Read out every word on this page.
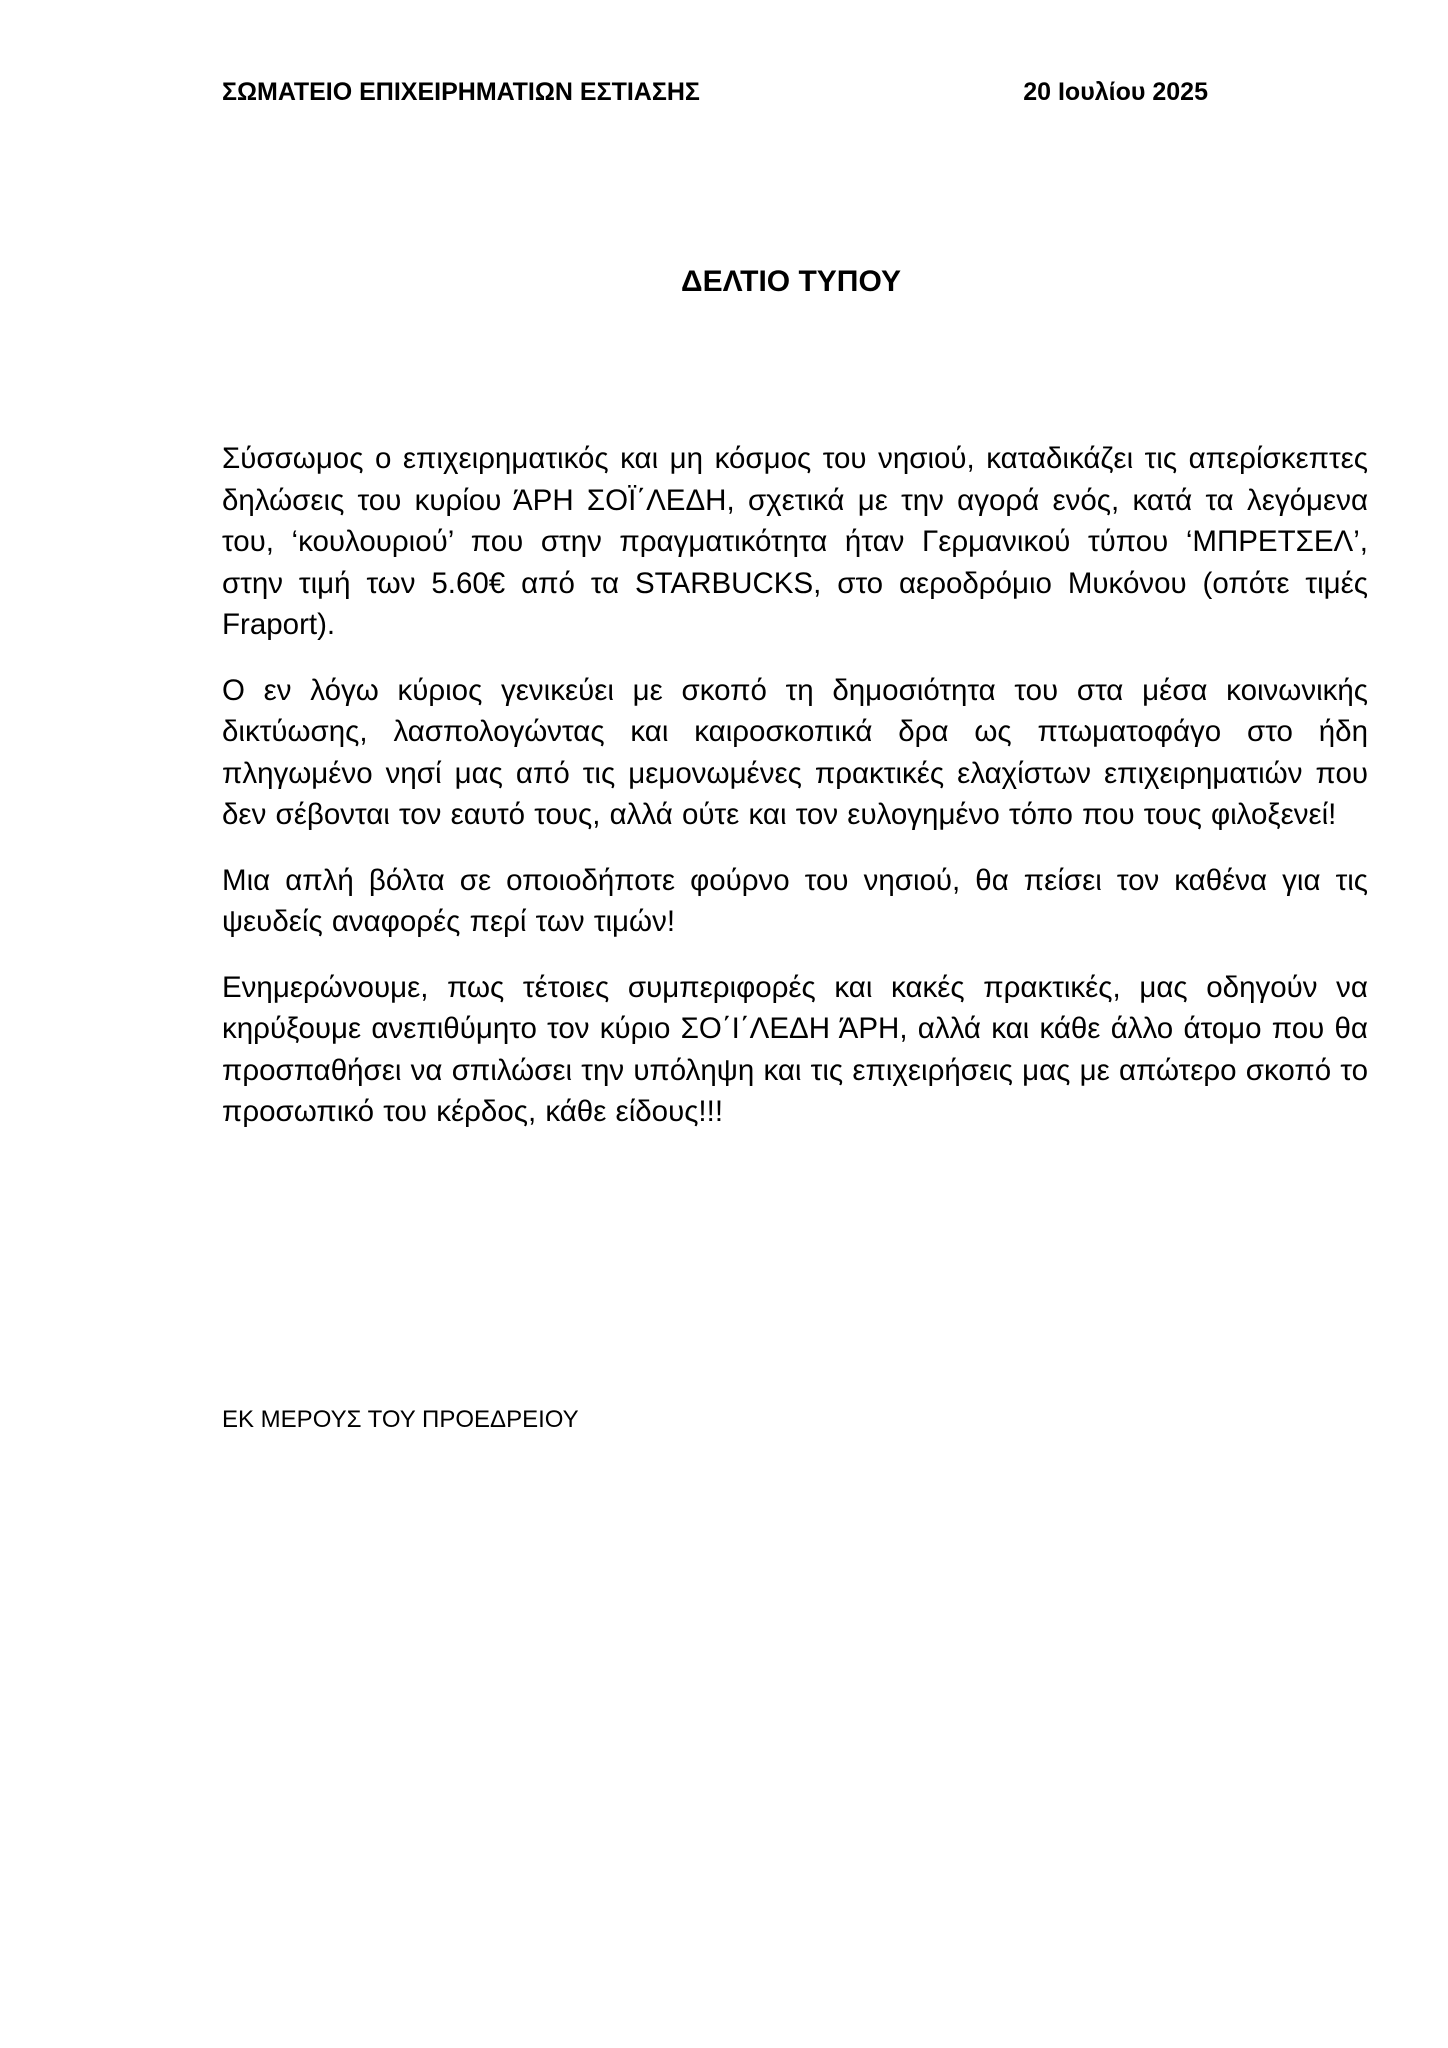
ΣΩΜΑΤΕΙΟ ΕΠΙΧΕΙΡΗΜΑΤΙΩΝ ΕΣΤΙΑΣΗΣ	20 Ιουλίου 2025
ΔΕΛΤΙΟ ΤΥΠΟΥ

Σύσσωμος ο επιχειρηματικός και μη κόσμος του νησιού, καταδικάζει τις απερίσκεπτες δηλώσεις του κυρίου ΆΡΗ ΣΟΪ΄ΛΕΔΗ, σχετικά με την αγορά ενός, κατά τα λεγόμενα του, ‘κουλουριού’ που στην πραγματικότητα ήταν Γερμανικού τύπου ‘ΜΠΡΕΤΣΕΛ’, στην τιμή των 5.60€ από τα STARBUCKS, στο αεροδρόμιο Μυκόνου (οπότε τιμές Fraport).

Ο εν λόγω κύριος γενικεύει με σκοπό τη δημοσιότητα του στα μέσα κοινωνικής δικτύωσης, λασπολογώντας και καιροσκοπικά δρα ως πτωματοφάγο στο ήδη πληγωμένο νησί μας από τις μεμονωμένες πρακτικές ελαχίστων επιχειρηματιών που δεν σέβονται τον εαυτό τους, αλλά ούτε και τον ευλογημένο τόπο που τους φιλοξενεί!

Μια απλή βόλτα σε οποιοδήποτε φούρνο του νησιού, θα πείσει τον καθένα για τις ψευδείς αναφορές περί των τιμών!

Ενημερώνουμε, πως τέτοιες συμπεριφορές και κακές πρακτικές, μας οδηγούν να κηρύξουμε ανεπιθύμητο τον κύριο ΣΟ΄Ι΄ΛΕΔΗ ΆΡΗ, αλλά και κάθε άλλο άτομο που θα προσπαθήσει να σπιλώσει την υπόληψη και τις επιχειρήσεις μας με απώτερο σκοπό το προσωπικό του κέρδος, κάθε είδους!!!

ΕΚ ΜΕΡΟΥΣ ΤΟΥ ΠΡΟΕΔΡΕΙΟΥ
